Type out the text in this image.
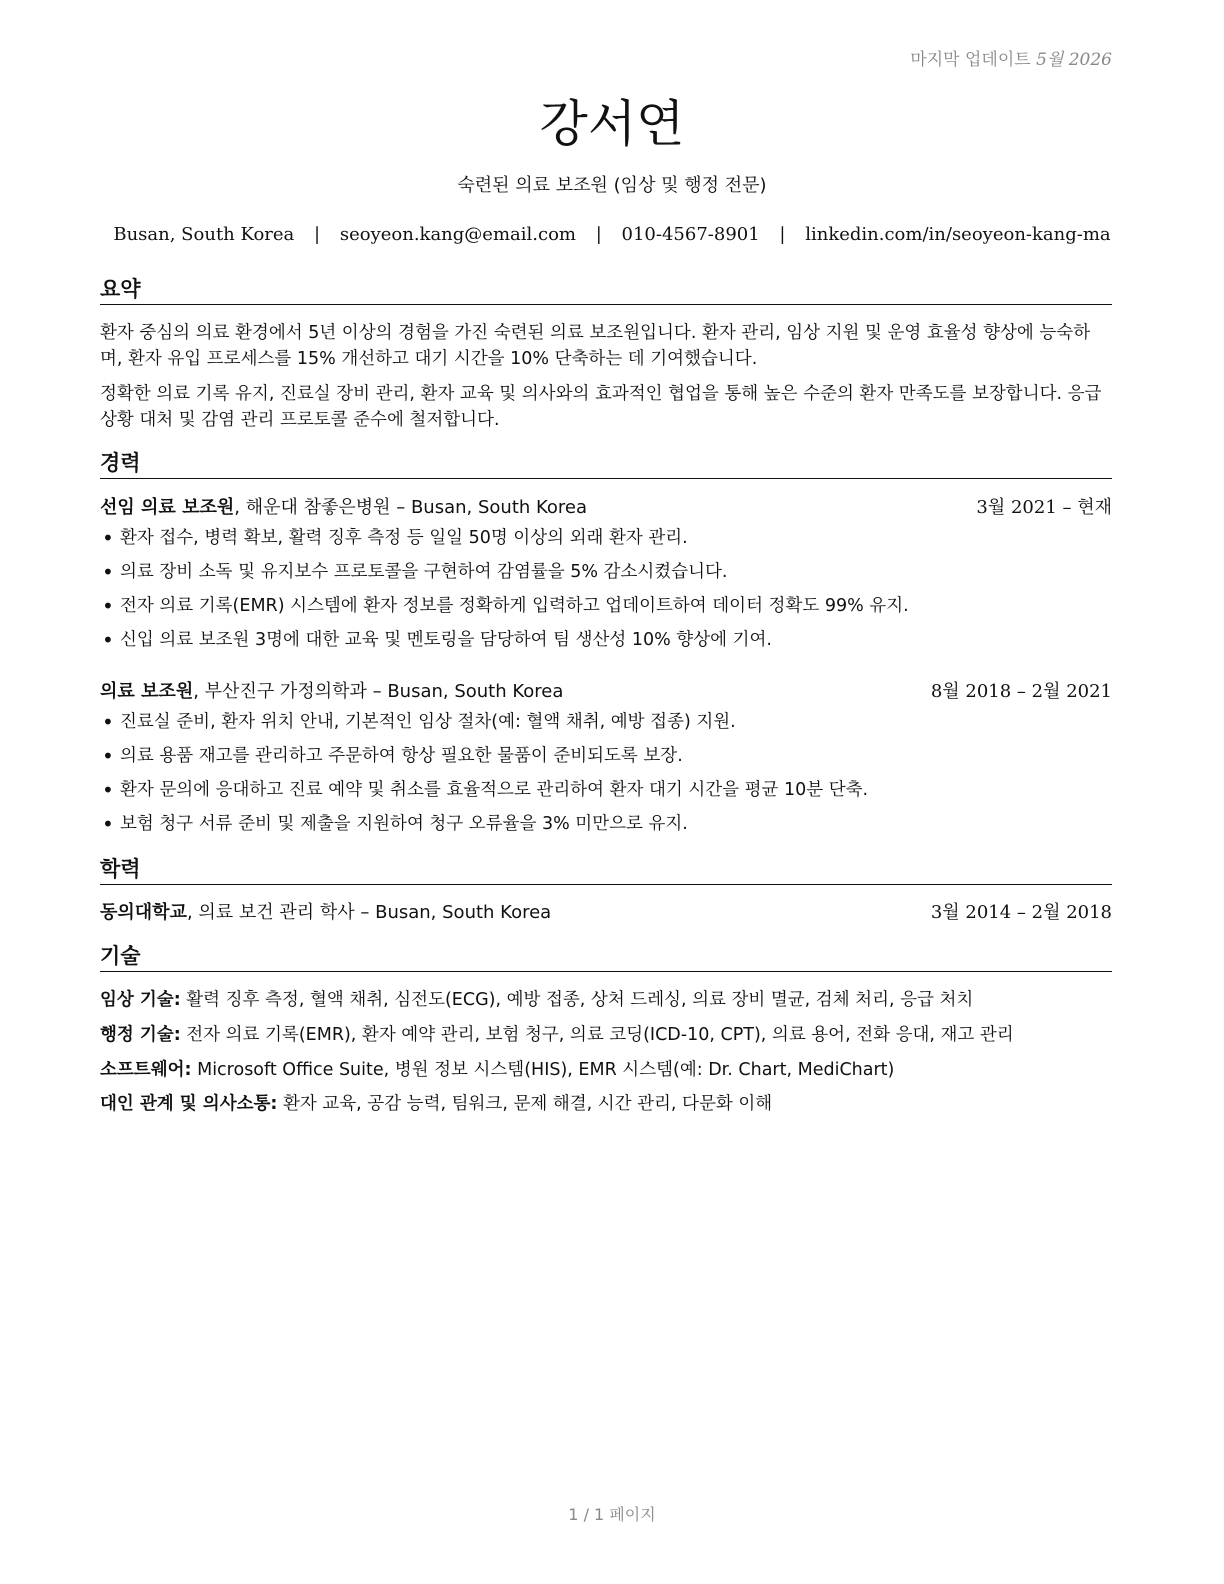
마지막 업데이트 5월 2026
강서연
숙련된 의료 보조원 (임상 및 행정 전문)
Busan, South Korea | seoyeon.kang@email.com | 010-4567-8901 | linkedin.com/in/seoyeon-kang-ma
요약
환자 중심의 의료 환경에서 5년 이상의 경험을 가진 숙련된 의료 보조원입니다. 환자 관리, 임상 지원 및 운영 효율성 향상에 능숙하며, 환자 유입 프로세스를 15% 개선하고 대기 시간을 10% 단축하는 데 기여했습니다.
정확한 의료 기록 유지, 진료실 장비 관리, 환자 교육 및 의사와의 효과적인 협업을 통해 높은 수준의 환자 만족도를 보장합니다. 응급 상황 대처 및 감염 관리 프로토콜 준수에 철저합니다.
경력
선임 의료 보조원, 해운대 참좋은병원 – Busan, South Korea	3월 2021 – 현재
• 환자 접수, 병력 확보, 활력 징후 측정 등 일일 50명 이상의 외래 환자 관리.
• 의료 장비 소독 및 유지보수 프로토콜을 구현하여 감염률을 5% 감소시켰습니다.
• 전자 의료 기록(EMR) 시스템에 환자 정보를 정확하게 입력하고 업데이트하여 데이터 정확도 99% 유지.
• 신입 의료 보조원 3명에 대한 교육 및 멘토링을 담당하여 팀 생산성 10% 향상에 기여.
의료 보조원, 부산진구 가정의학과 – Busan, South Korea	8월 2018 – 2월 2021
• 진료실 준비, 환자 위치 안내, 기본적인 임상 절차(예: 혈액 채취, 예방 접종) 지원.
• 의료 용품 재고를 관리하고 주문하여 항상 필요한 물품이 준비되도록 보장.
• 환자 문의에 응대하고 진료 예약 및 취소를 효율적으로 관리하여 환자 대기 시간을 평균 10분 단축.
• 보험 청구 서류 준비 및 제출을 지원하여 청구 오류율을 3% 미만으로 유지.
학력
동의대학교, 의료 보건 관리 학사 – Busan, South Korea	3월 2014 – 2월 2018
기술
임상 기술: 활력 징후 측정, 혈액 채취, 심전도(ECG), 예방 접종, 상처 드레싱, 의료 장비 멸균, 검체 처리, 응급 처치
행정 기술: 전자 의료 기록(EMR), 환자 예약 관리, 보험 청구, 의료 코딩(ICD-10, CPT), 의료 용어, 전화 응대, 재고 관리
소프트웨어: Microsoft Office Suite, 병원 정보 시스템(HIS), EMR 시스템(예: Dr. Chart, MediChart)
대인 관계 및 의사소통: 환자 교육, 공감 능력, 팀워크, 문제 해결, 시간 관리, 다문화 이해
1 / 1 페이지
